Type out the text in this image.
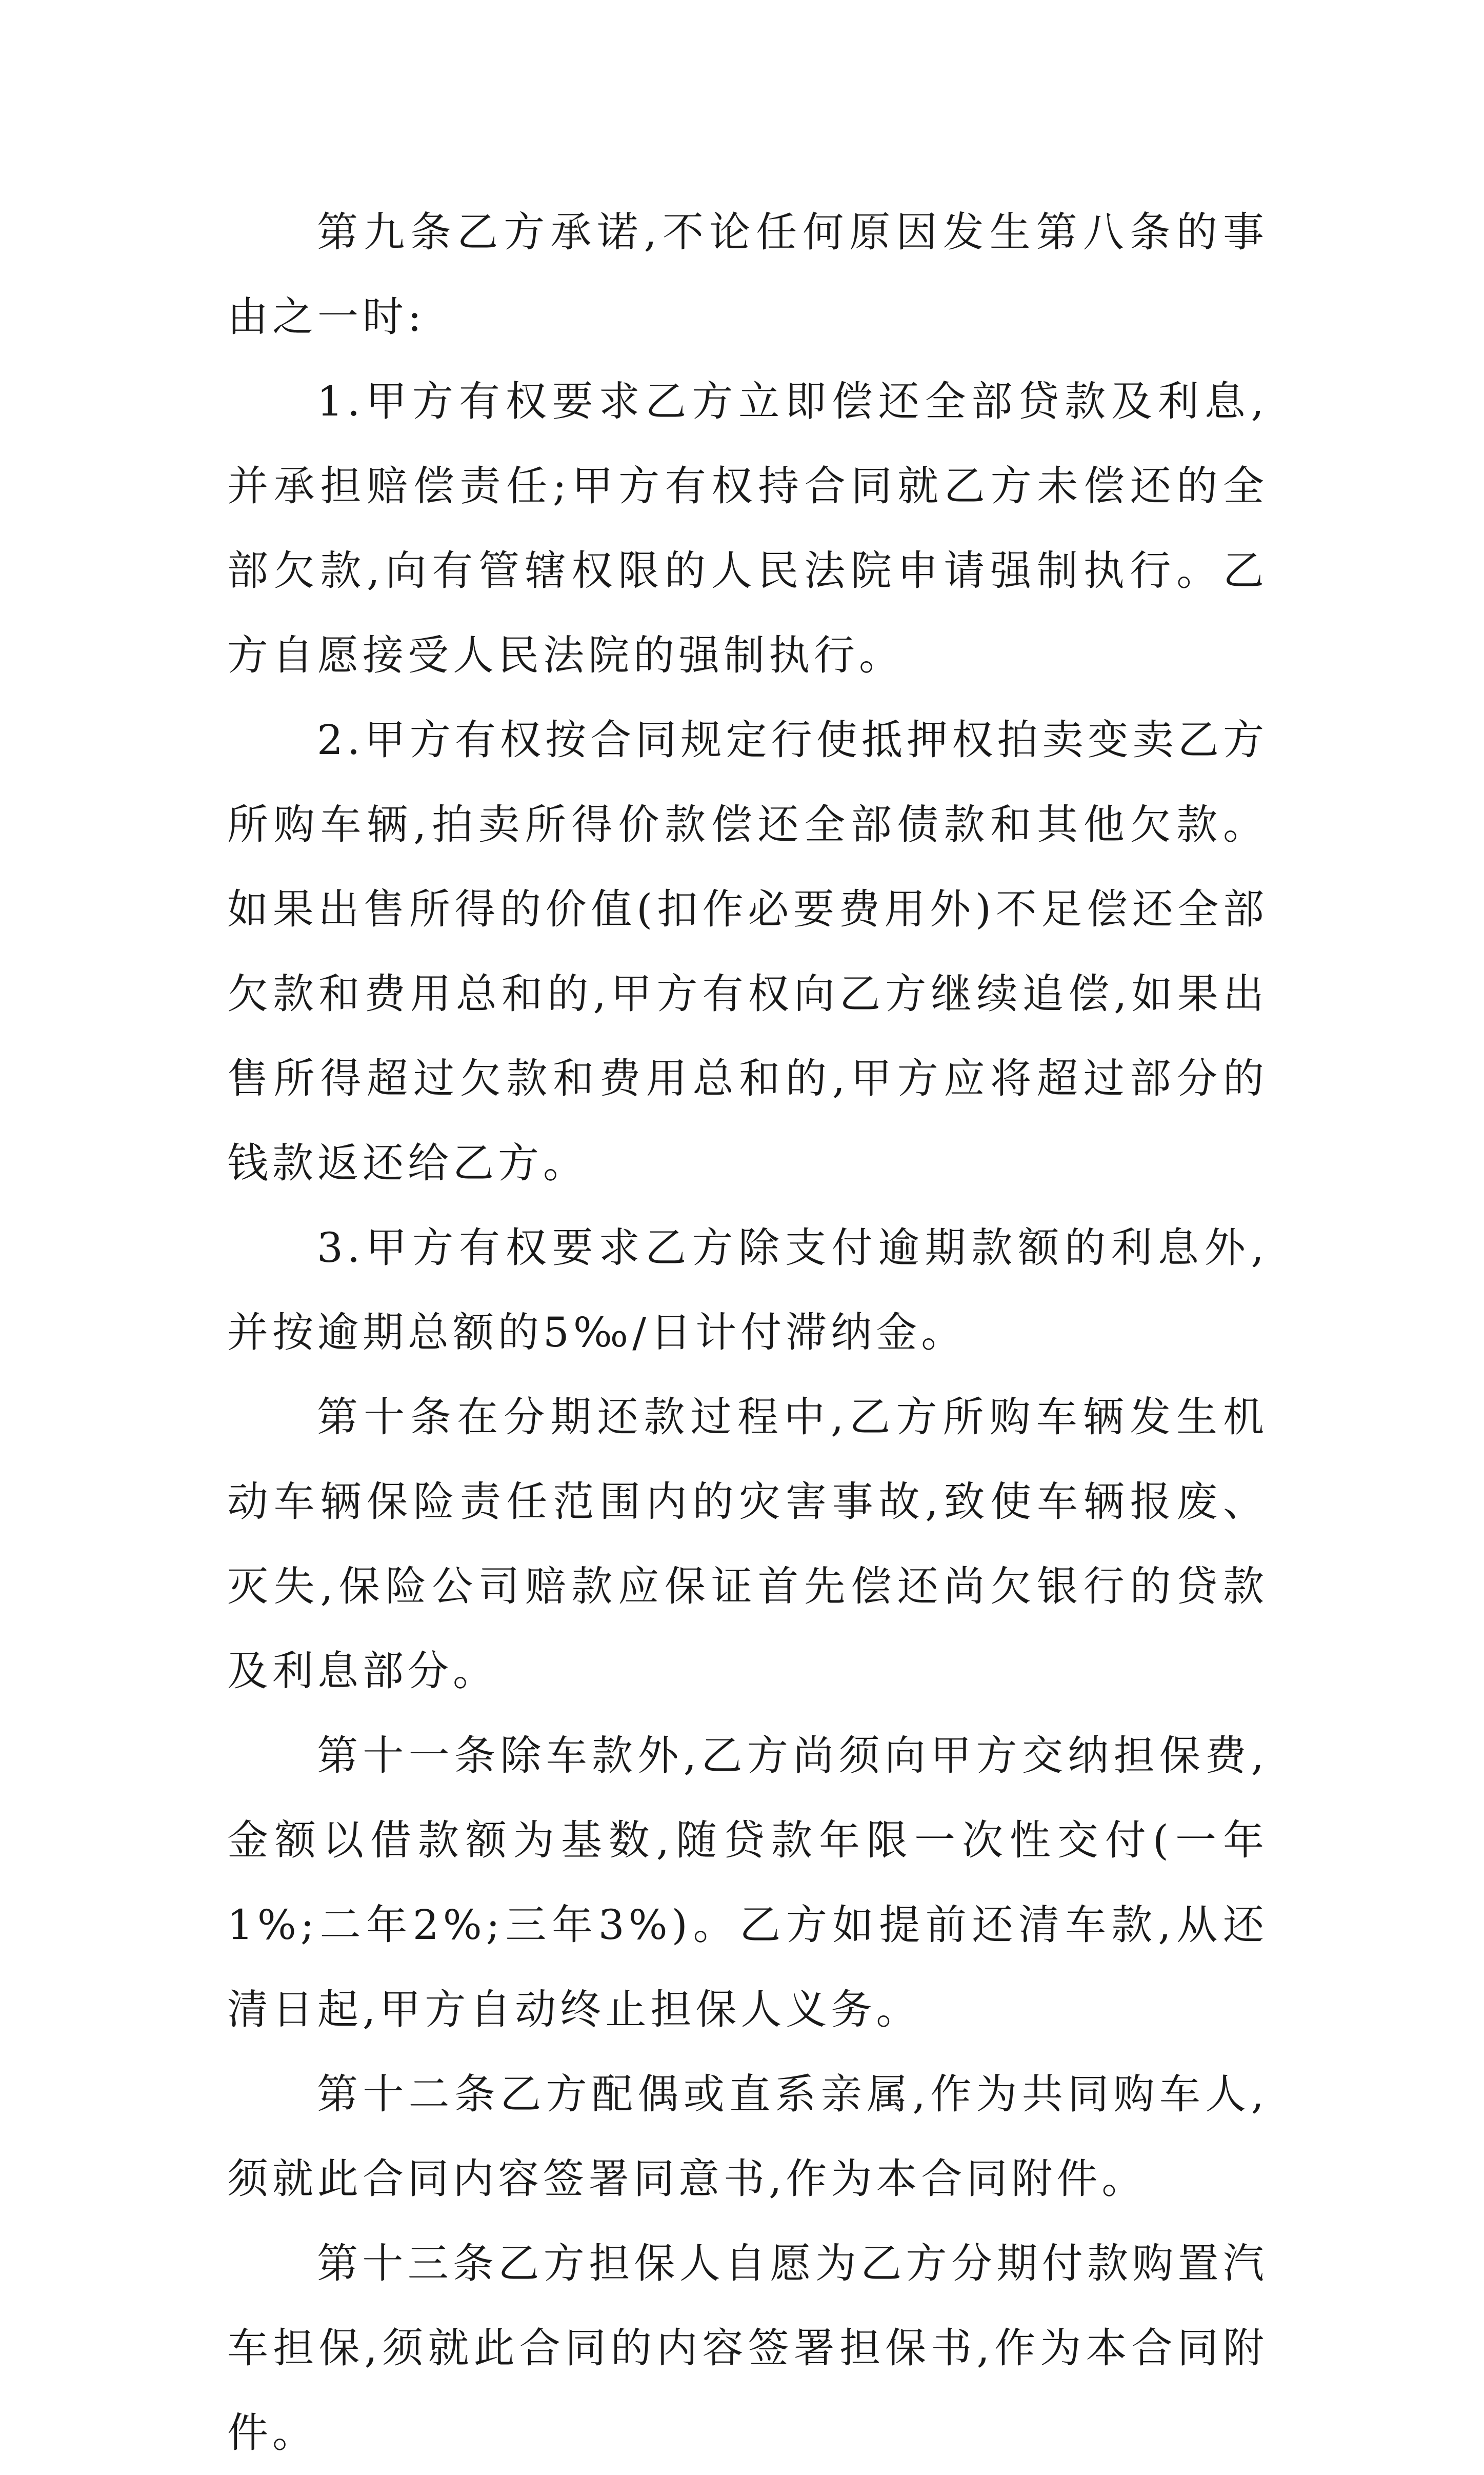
第九条乙方承诺,不论任何原因发生第八条的事由之一时:

1.甲方有权要求乙方立即偿还全部贷款及利息,并承担赔偿责任;甲方有权持合同就乙方未偿还的全部欠款,向有管辖权限的人民法院申请强制执行。乙方自愿接受人民法院的强制执行。

2.甲方有权按合同规定行使抵押权拍卖变卖乙方所购车辆,拍卖所得价款偿还全部债款和其他欠款。如果出售所得的价值(扣作必要费用外)不足偿还全部欠款和费用总和的,甲方有权向乙方继续追偿,如果出售所得超过欠款和费用总和的,甲方应将超过部分的钱款返还给乙方。

3.甲方有权要求乙方除支付逾期款额的利息外,并按逾期总额的5‰/日计付滞纳金。

第十条在分期还款过程中,乙方所购车辆发生机动车辆保险责任范围内的灾害事故,致使车辆报废、灭失,保险公司赔款应保证首先偿还尚欠银行的贷款及利息部分。

第十一条除车款外,乙方尚须向甲方交纳担保费,金额以借款额为基数,随贷款年限一次性交付(一年1%;二年2%;三年3%)。乙方如提前还清车款,从还清日起,甲方自动终止担保人义务。

第十二条乙方配偶或直系亲属,作为共同购车人,须就此合同内容签署同意书,作为本合同附件。

第十三条乙方担保人自愿为乙方分期付款购置汽车担保,须就此合同的内容签署担保书,作为本合同附件。
